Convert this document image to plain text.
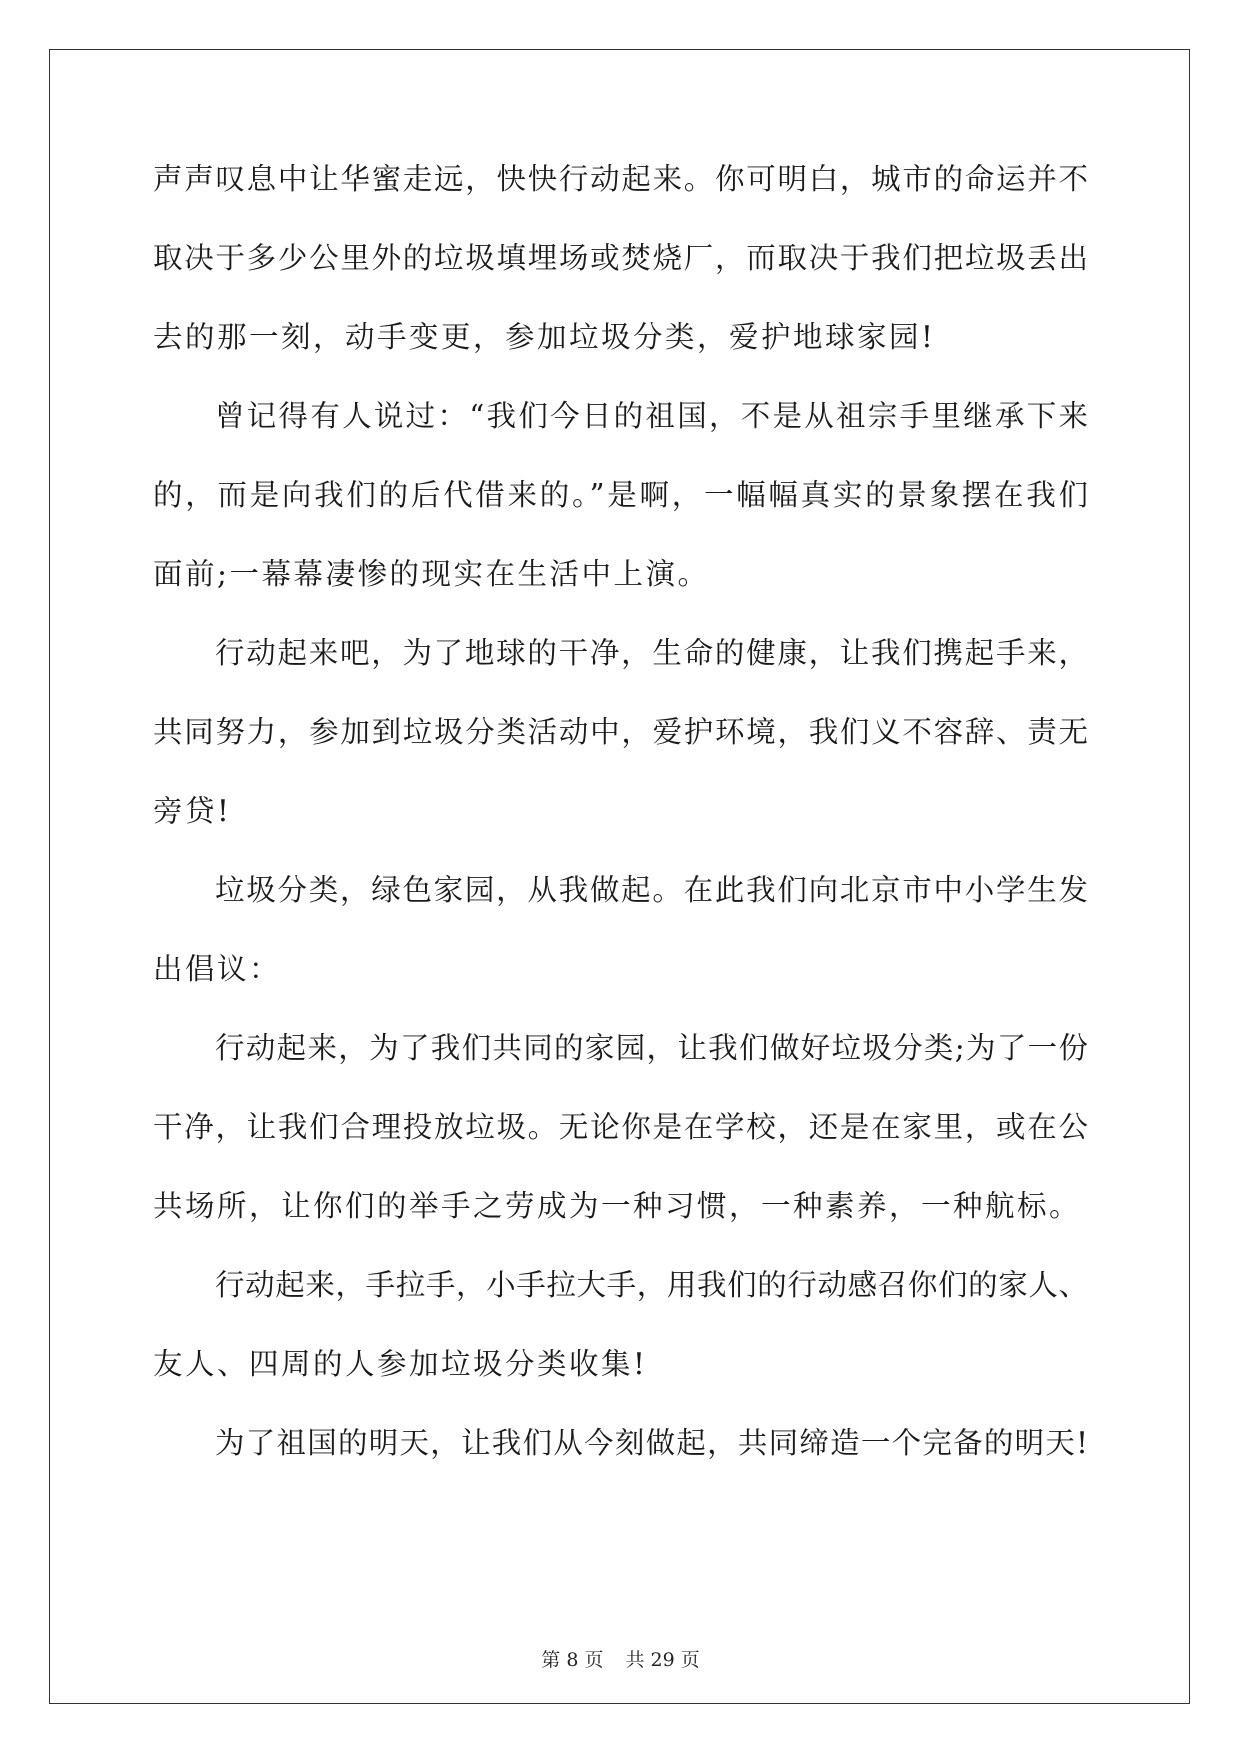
声声叹息中让华蜜走远，快快行动起来。你可明白，城市的命运并不
取决于多少公里外的垃圾填埋场或焚烧厂，而取决于我们把垃圾丢出
去的那一刻，动手变更，参加垃圾分类，爱护地球家园!
曾记得有人说过：“我们今日的祖国，不是从祖宗手里继承下来
的，而是向我们的后代借来的。”是啊，一幅幅真实的景象摆在我们
面前;一幕幕凄惨的现实在生活中上演。
行动起来吧，为了地球的干净，生命的健康，让我们携起手来，
共同努力，参加到垃圾分类活动中，爱护环境，我们义不容辞、责无
旁贷!
垃圾分类，绿色家园，从我做起。在此我们向北京市中小学生发
出倡议：
行动起来，为了我们共同的家园，让我们做好垃圾分类;为了一份
干净，让我们合理投放垃圾。无论你是在学校，还是在家里，或在公
共场所，让你们的举手之劳成为一种习惯，一种素养，一种航标。
行动起来，手拉手，小手拉大手，用我们的行动感召你们的家人、
友人、四周的人参加垃圾分类收集!
为了祖国的明天，让我们从今刻做起，共同缔造一个完备的明天!
第 8 页 共 29 页
